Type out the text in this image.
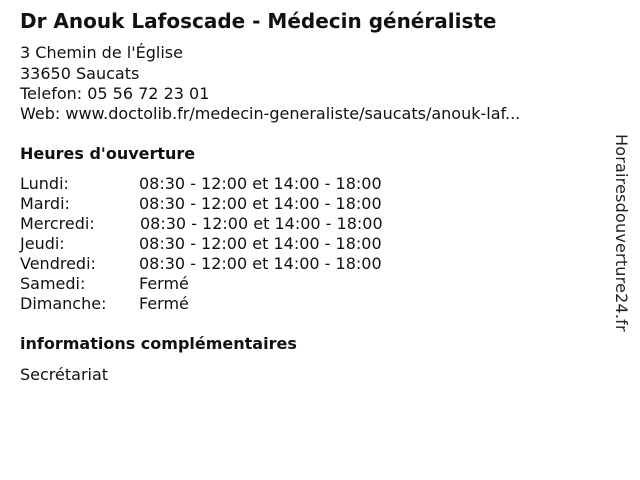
Dr Anouk Lafoscade - Médecin généraliste
3 Chemin de l'Église
33650 Saucats
Telefon: 05 56 72 23 01
Web: www.doctolib.fr/medecin-generaliste/saucats/anouk-laf...
Heures d'ouverture
Lundi:	08:30 - 12:00 et 14:00 - 18:00
Mardi:	08:30 - 12:00 et 14:00 - 18:00
Mercredi:	08:30 - 12:00 et 14:00 - 18:00
Jeudi:	08:30 - 12:00 et 14:00 - 18:00
Vendredi:	08:30 - 12:00 et 14:00 - 18:00
Samedi:	Fermé
Dimanche: Fermé
informations complémentaires
Secrétariat
Horairesdouverture24.fr
